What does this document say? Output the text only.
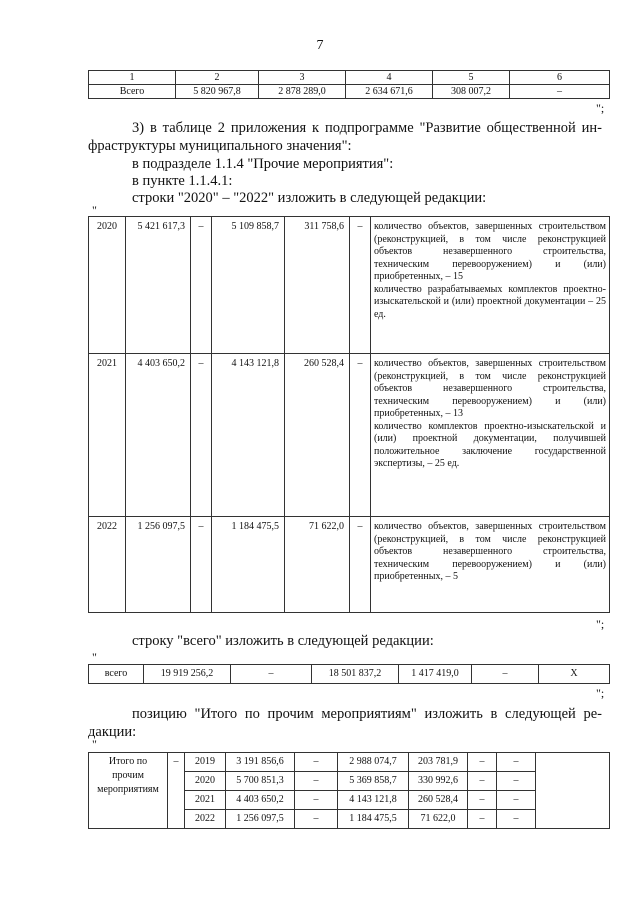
7
1	2	3	4	5	6
Всего	5 820 967,8	2 878 289,0	2 634 671,6	308 007,2	–
";
3) в таблице 2 приложения к подпрограмме "Развитие общественной ин-
фраструктуры муниципального значения":
в подразделе 1.1.4 "Прочие мероприятия":
в пункте 1.1.4.1:
строки "2020" – "2022" изложить в следующей редакции:
"
2020	5 421 617,3	–	5 109 858,7	311 758,6	–	количество объектов, завершенных строительством (реконструкцией, в том числе реконструкцией объектов незавершенного строительства, техническим перевооружением) и (или) приобретенных, – 15
количество разрабатываемых комплектов проектно-изыскательской и (или) проектной документации – 25 ед.
2021	4 403 650,2	–	4 143 121,8	260 528,4	–	количество объектов, завершенных строительством (реконструкцией, в том числе реконструкцией объектов незавершенного строительства, техническим перевооружением) и (или) приобретенных, – 13
количество комплектов проектно-изыскательской и (или) проектной документации, получившей положительное заключение государственной экспертизы, – 25 ед.
2022	1 256 097,5	–	1 184 475,5	71 622,0	–	количество объектов, завершенных строительством (реконструкцией, в том числе реконструкцией объектов незавершенного строительства, техническим перевооружением) и (или) приобретенных, – 5
";
строку "всего" изложить в следующей редакции:
"
всего	19 919 256,2	–	18 501 837,2	1 417 419,0	–	Х
";
позицию "Итого по прочим мероприятиям" изложить в следующей ре-
дакции:
"
Итого по прочим мероприятиям	–	2019	3 191 856,6	–	2 988 074,7	203 781,9	–	–	
		2020	5 700 851,3	–	5 369 858,7	330 992,6	–	–	
		2021	4 403 650,2	–	4 143 121,8	260 528,4	–	–	
		2022	1 256 097,5	–	1 184 475,5	71 622,0	–	–	
